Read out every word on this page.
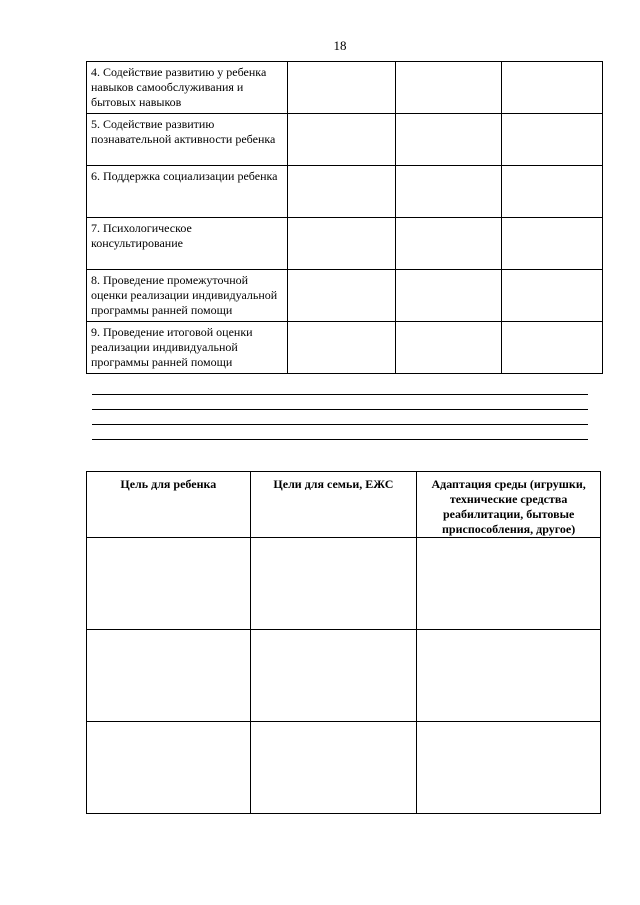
18
4. Содействие развитию у ребенка навыков самообслуживания и бытовых навыков			
5. Содействие развитию познавательной активности ребенка			
6. Поддержка социализации ребенка			
7. Психологическое консультирование			
8. Проведение промежуточной оценки реализации индивидуальной программы ранней помощи			
9. Проведение итоговой оценки реализации индивидуальной программы ранней помощи			
Цель для ребенка	Цели для семьи, ЕЖС	Адаптация среды (игрушки, технические средства реабилитации, бытовые приспособления, другое)
